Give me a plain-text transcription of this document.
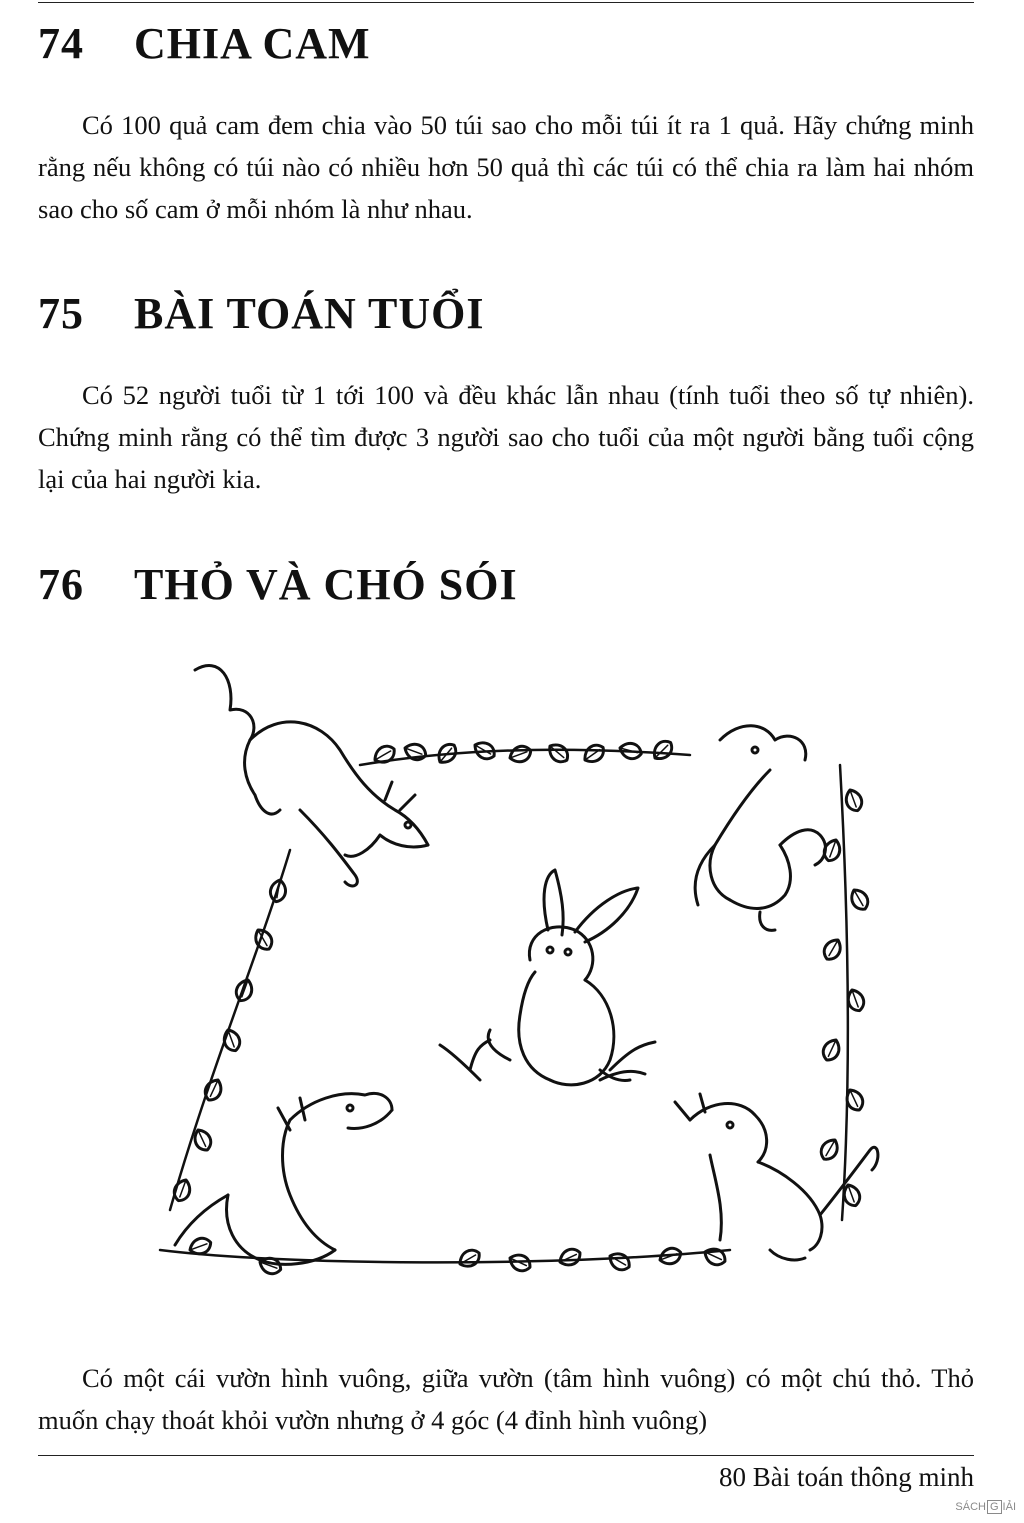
74 CHIA CAM

Có 100 quả cam đem chia vào 50 túi sao cho mỗi túi ít ra 1 quả. Hãy chứng minh rằng nếu không có túi nào có nhiều hơn 50 quả thì các túi có thể chia ra làm hai nhóm sao cho số cam ở mỗi nhóm là như nhau.

75 BÀI TOÁN TUỔI

Có 52 người tuổi từ 1 tới 100 và đều khác lẫn nhau (tính tuổi theo số tự nhiên). Chứng minh rằng có thể tìm được 3 người sao cho tuổi của một người bằng tuổi cộng lại của hai người kia.

76 THỎ VÀ CHÓ SÓI

Có một cái vườn hình vuông, giữa vườn (tâm hình vuông) có một chú thỏ. Thỏ muốn chạy thoát khỏi vườn nhưng ở 4 góc (4 đỉnh hình vuông)

80 Bài toán thông minh
SÁCH G IẢI
